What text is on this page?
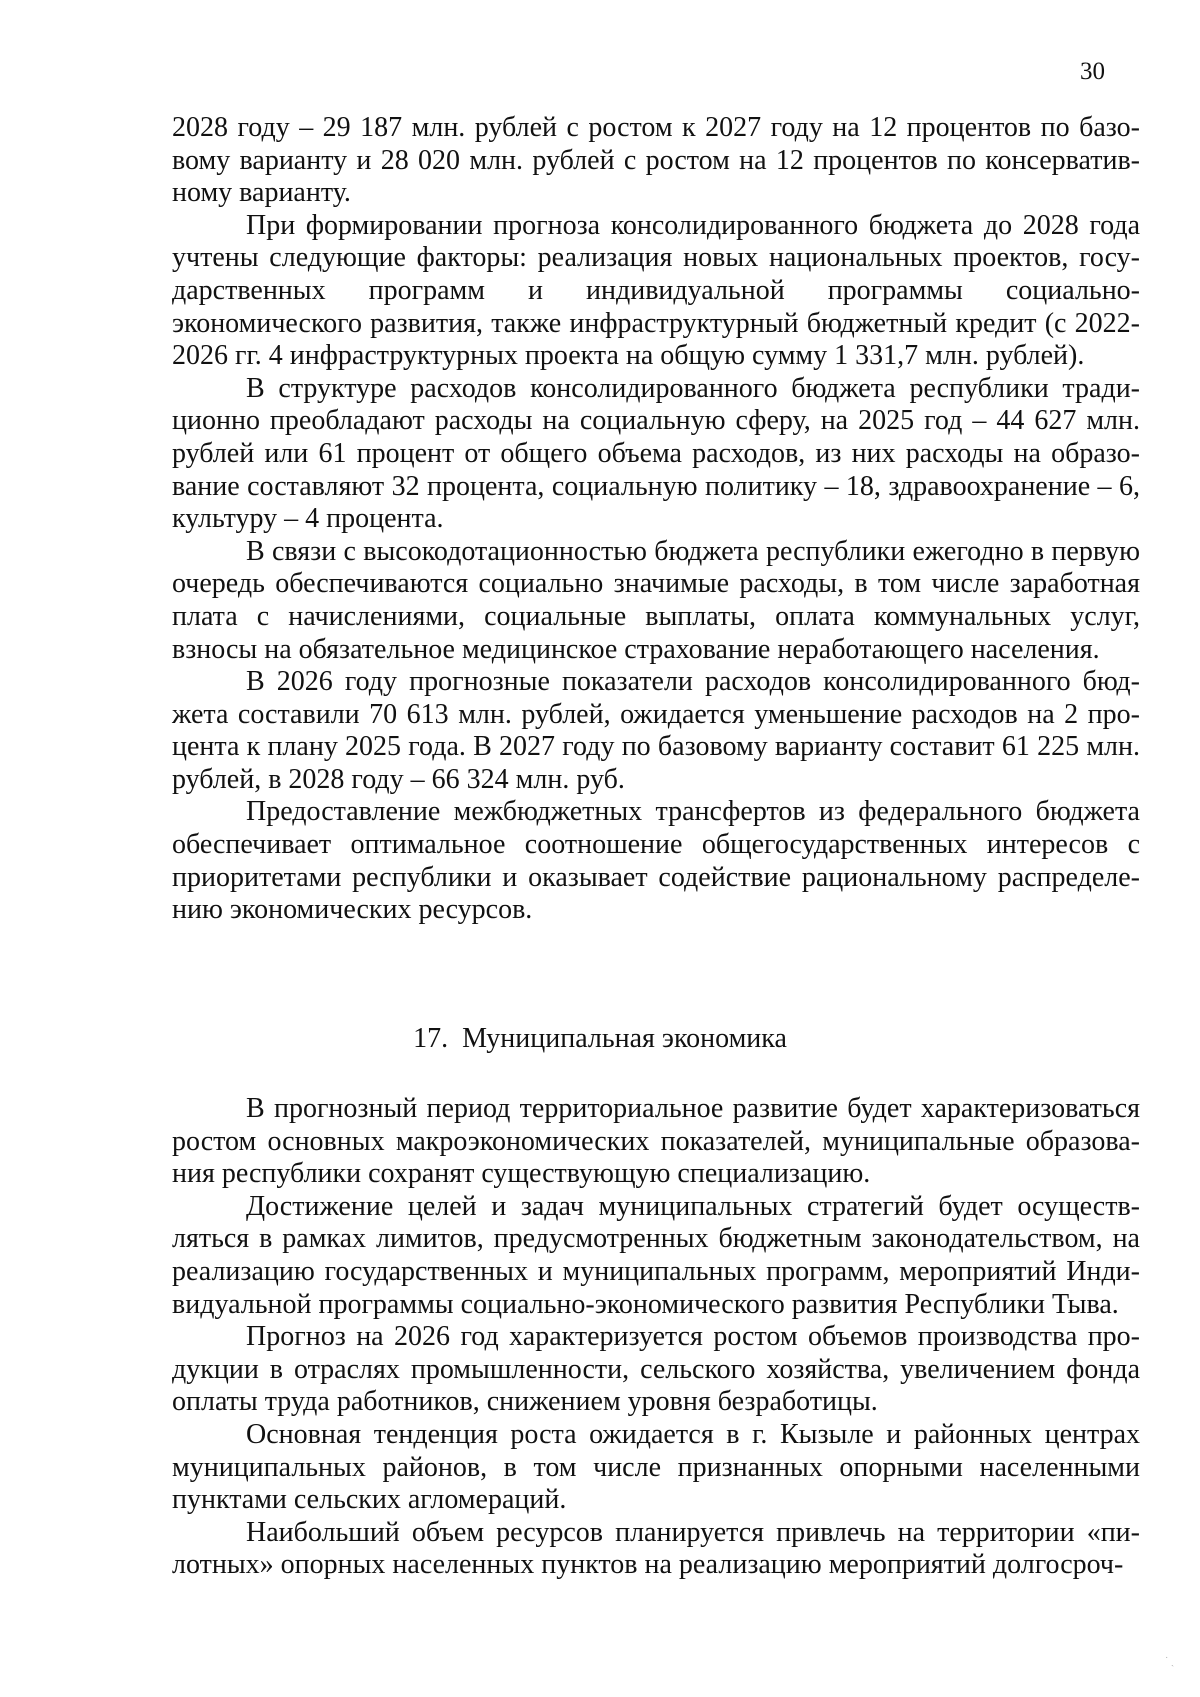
30

2028 году – 29 187 млн. рублей с ростом к 2027 году на 12 процентов по базовому варианту и 28 020 млн. рублей с ростом на 12 процентов по консервативному варианту.

При формировании прогноза консолидированного бюджета до 2028 года учтены следующие факторы: реализация новых национальных проектов, государственных программ и индивидуальной программы социально-экономического развития, также инфраструктурный бюджетный кредит (с 2022-2026 гг. 4 инфраструктурных проекта на общую сумму 1 331,7 млн. рублей).

В структуре расходов консолидированного бюджета республики традиционно преобладают расходы на социальную сферу, на 2025 год – 44 627 млн. рублей или 61 процент от общего объема расходов, из них расходы на образование составляют 32 процента, социальную политику – 18, здравоохранение – 6, культуру – 4 процента.

В связи с высокодотационностью бюджета республики ежегодно в первую очередь обеспечиваются социально значимые расходы, в том числе заработная плата с начислениями, социальные выплаты, оплата коммунальных услуг, взносы на обязательное медицинское страхование неработающего населения.

В 2026 году прогнозные показатели расходов консолидированного бюджета составили 70 613 млн. рублей, ожидается уменьшение расходов на 2 процента к плану 2025 года. В 2027 году по базовому варианту составит 61 225 млн. рублей, в 2028 году – 66 324 млн. руб.

Предоставление межбюджетных трансфертов из федерального бюджета обеспечивает оптимальное соотношение общегосударственных интересов с приоритетами республики и оказывает содействие рациональному распределению экономических ресурсов.

17. Муниципальная экономика

В прогнозный период территориальное развитие будет характеризоваться ростом основных макроэкономических показателей, муниципальные образования республики сохранят существующую специализацию.

Достижение целей и задач муниципальных стратегий будет осуществляться в рамках лимитов, предусмотренных бюджетным законодательством, на реализацию государственных и муниципальных программ, мероприятий Индивидуальной программы социально-экономического развития Республики Тыва.

Прогноз на 2026 год характеризуется ростом объемов производства продукции в отраслях промышленности, сельского хозяйства, увеличением фонда оплаты труда работников, снижением уровня безработицы.

Основная тенденция роста ожидается в г. Кызыле и районных центрах муниципальных районов, в том числе признанных опорными населенными пунктами сельских агломераций.

Наибольший объем ресурсов планируется привлечь на территории «пилотных» опорных населенных пунктов на реализацию мероприятий долгосроч-

˙ ˏ
